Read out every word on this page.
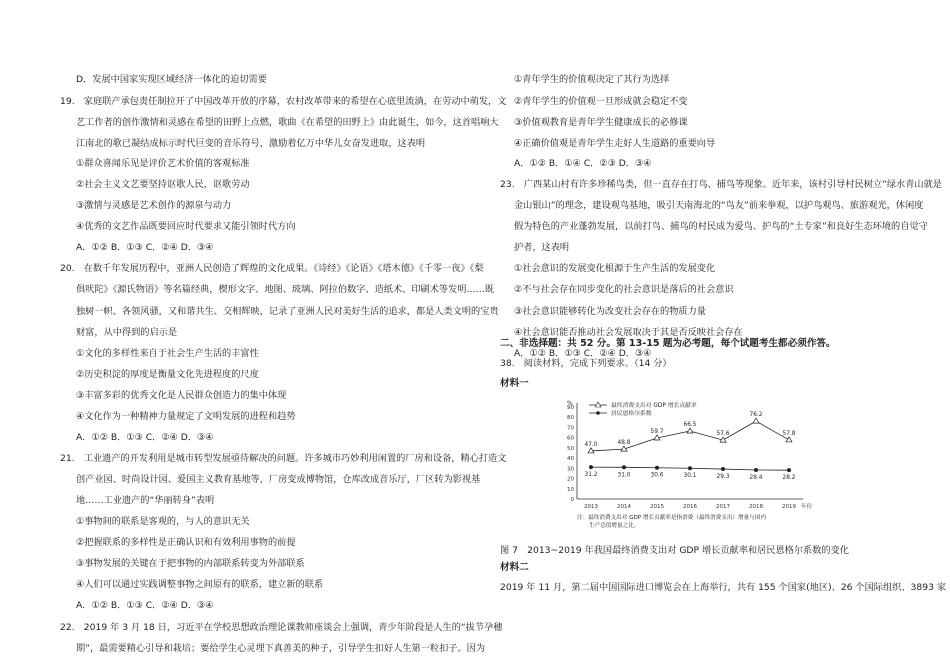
D．发展中国家实现区域经济一体化的迫切需要
19.　家庭联产承包责任制拉开了中国改革开放的序幕，农村改革带来的希望在心底里流淌，在劳动中萌发，文
艺工作者的创作激情和灵感在希望的田野上点燃，歌曲《在希望的田野上》由此诞生，如今，这首唱响大
江南北的歌已凝结成标示时代巨变的音乐符号，激励着亿万中华儿女奋发进取，这表明
①群众喜闻乐见是评价艺术价值的客观标准
②社会主义文艺要坚持讴歌人民，讴歌劳动
③激情与灵感是艺术创作的源泉与动力
④优秀的文艺作品既要回应时代要求又能引领时代方向
A．①② B．①③ C．②④ D．③④
20.　在数千年发展历程中，亚洲人民创造了辉煌的文化成果。《诗经》《论语》《塔木德》《千零一夜》《梨
俱吠陀》《源氏物语》等名篇经典，楔形文字、地图、玻璃、阿拉伯数字、造纸术、印刷术等发明……既
独树一帜、各领风骚，又和谐共生、交相辉映，记录了亚洲人民对美好生活的追求，都是人类文明的宝贵
财富，从中得到的启示是
①文化的多样性来自于社会生产生活的丰富性
②历史积淀的厚度是衡量文化先进程度的尺度
③丰富多彩的优秀文化是人民群众创造力的集中体现
④文化作为一种精神力量规定了文明发展的进程和趋势
A．①② B．①③ C．②④ D．③④
21.　工业遗产的开发利用是城市转型发展亟待解决的问题。许多城市巧妙利用闲置的厂房和设备，精心打造文
创产业园、时尚设计园、爱国主义教育基地等，厂房变成博物馆，仓库改成音乐厅，厂区转为影视基
地……工业遗产的“华丽转身”表明
①事物间的联系是客观的，与人的意识无关
②把握联系的多样性是正确认识和有效利用事物的前提
③事物发展的关键在于把事物的内部联系转变为外部联系
④人们可以通过实践调整事物之间原有的联系，建立新的联系
A．①② B．①③ C．②④ D．③④
22.　2019 年 3 月 18 日，习近平在学校思想政治理论课教师座谈会上强调，青少年阶段是人生的“拔节孕穗
期”，最需要精心引导和栽培；要给学生心灵埋下真善美的种子，引导学生扣好人生第一粒扣子。因为
①青年学生的价值观决定了其行为选择
②青年学生的价值观一旦形成就会稳定不变
③价值观教育是青年学生健康成长的必修课
④正确价值观是青年学生走好人生道路的重要向导
A．①② B．①④ C．②③ D．③④
23.　广西某山村有许多珍稀鸟类，但一直存在打鸟、捕鸟等现象。近年来，该村引导村民树立“绿水青山就是
金山银山”的理念，建设观鸟基地，吸引天南海北的“鸟友”前来拳观，以护鸟观鸟、旅游观光，休闲度
假为特色的产业蓬勃发展，以前打鸟、捕鸟的村民成为爱鸟、护鸟的“土专家”和良好生态环境的自觉守
护者，这表明
①社会意识的发展变化根源于生产生活的发展变化
②不与社会存在同步变化的社会意识是落后的社会意识
③社会意识能够转化为改变社会存在的物质力量
④社会意识能否推动社会发展取决于其是否反映社会存在
A．①② B．①③ C．②④ D．③④
二、非选择题：共 52 分。第 13-15 题为必考题，每个试题考生都必须作答。
38.　阅读材料，完成下列要求。（14 分）
材料一
%
0
10
20
30
40
50
60
70
80
90
2013	2014	2015	2016	2017	2018	2019 年份
47.0	48.8
59.7
66.5
57.6
76.2
57.8
31.2	31.0	30.6	30.1	29.3	28.4	28.2
最终消费支出对 GDP 增长贡献率
居民恩格尔系数
注：最终消费支出对 GDP 增长贡献率是指消费（最终消费支出）增量与国内
生产总值增量之比。
图 7　2013~2019 年我国最终消费支出对 GDP 增长贡献率和居民恩格尔系数的变化
材料二
2019 年 11 月，第二届中国国际进口博览会在上海举行，共有 155 个国家(地区)、26 个国际组织、3893 家
